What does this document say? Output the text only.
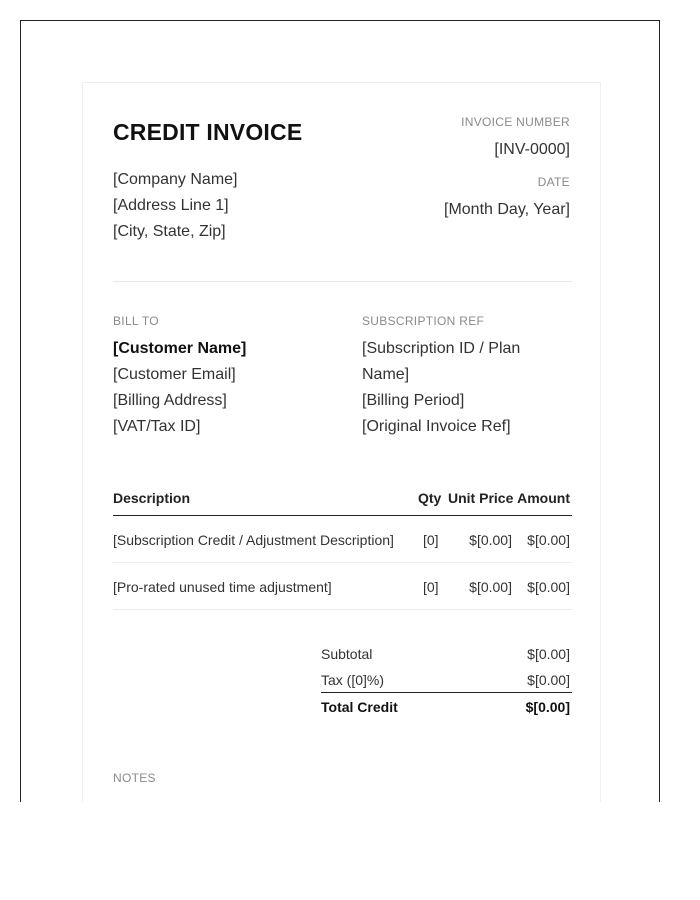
CREDIT INVOICE	INVOICE NUMBER
[INV-0000]
DATE
[Month Day, Year]
[Company Name]
[Address Line 1]
[City, State, Zip]
BILL TO
[Customer Name]
[Customer Email]
[Billing Address]
[VAT/Tax ID]
SUBSCRIPTION REF
[Subscription ID / Plan
Name]
[Billing Period]
[Original Invoice Ref]
Description	Qty Unit Price Amount
[Subscription Credit / Adjustment Description] [0] $[0.00] $[0.00]
[Pro-rated unused time adjustment]	[0] $[0.00] $[0.00]
Subtotal	$[0.00]
Tax ([0]%)	$[0.00]
Total Credit	$[0.00]
NOTES
